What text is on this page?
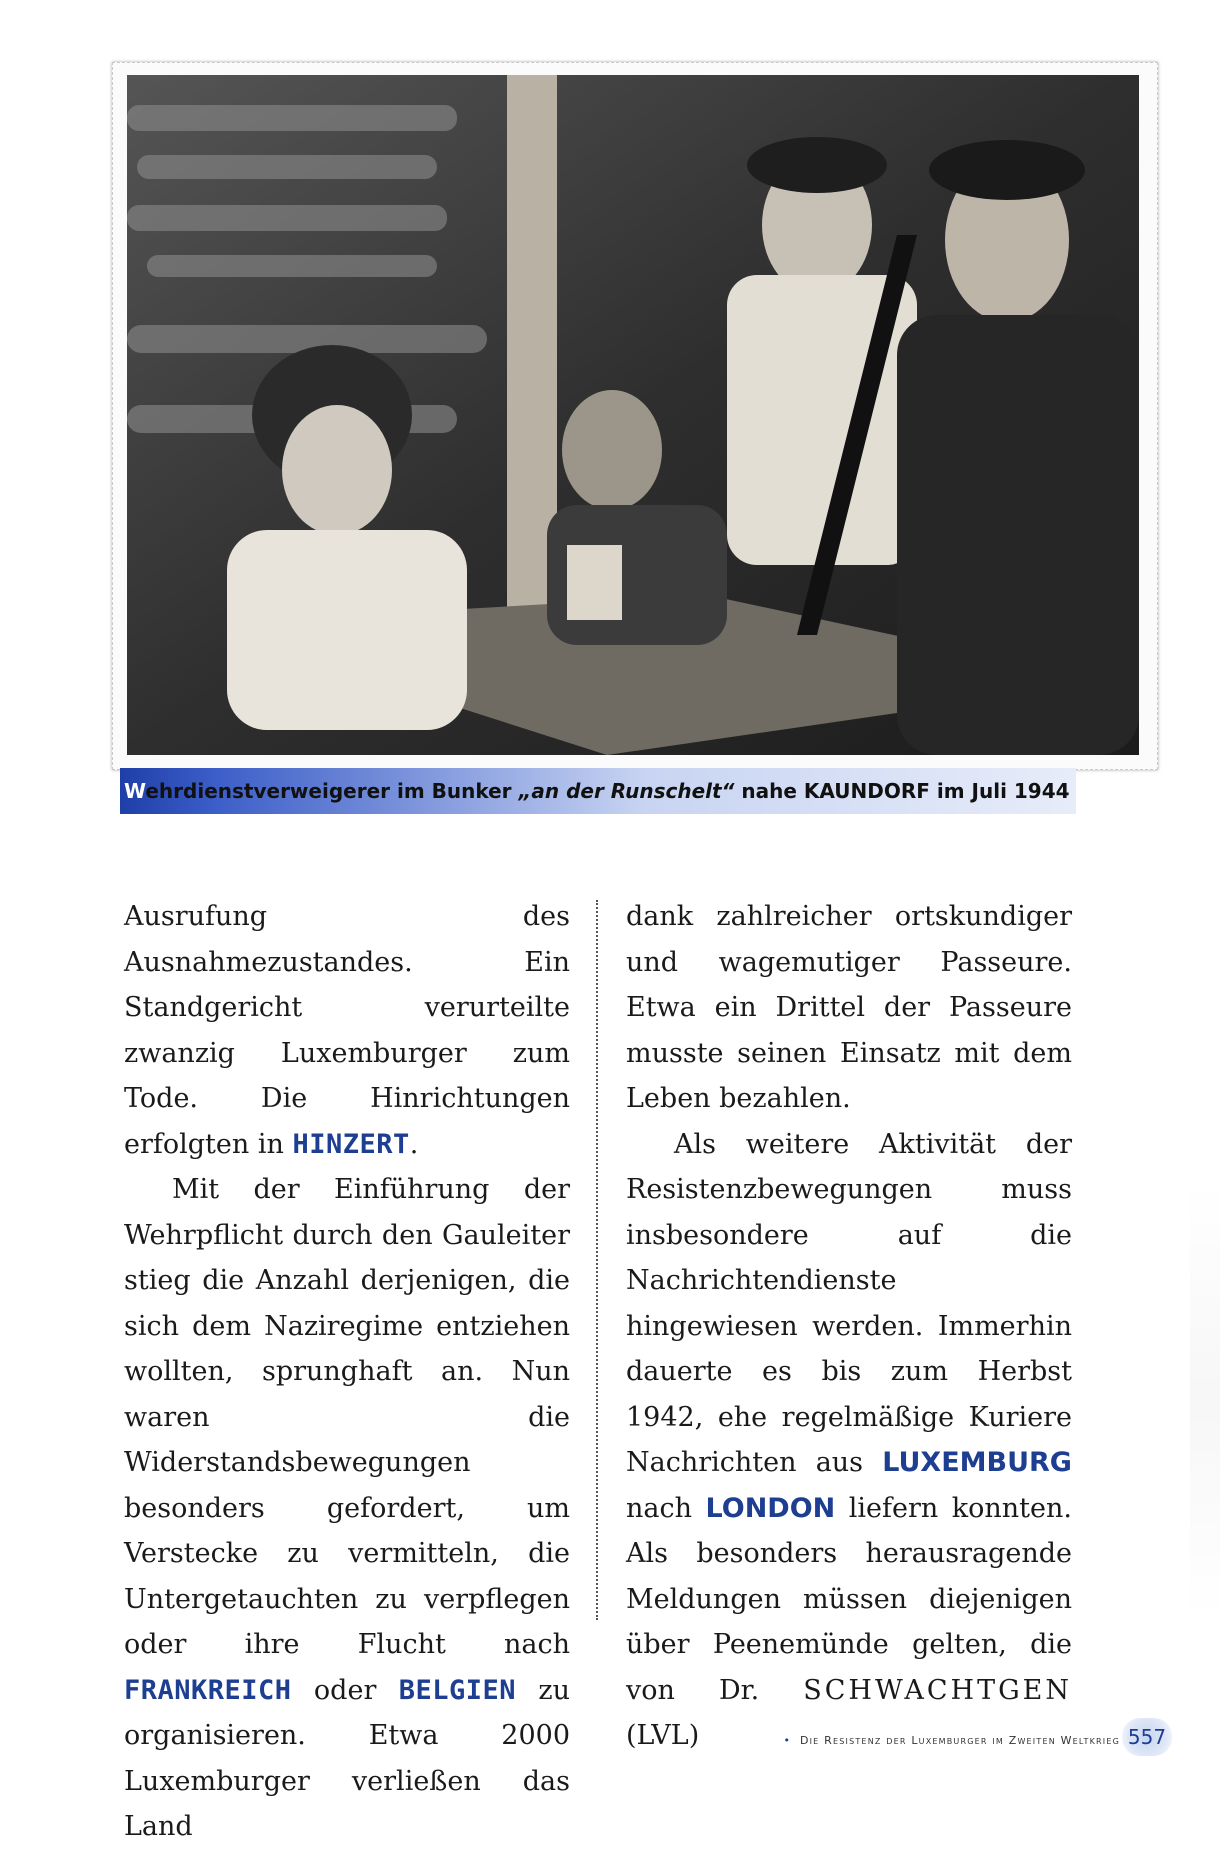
Wehrdienstverweigerer im Bunker „an der Runschelt“ nahe KAUNDORF im Juli 1944

Ausrufung des Ausnahmezustandes. Ein Standgericht verurteilte zwanzig Luxemburger zum Tode. Die Hinrichtungen erfolgten in HINZERT.

Mit der Einführung der Wehrpflicht durch den Gauleiter stieg die Anzahl derjenigen, die sich dem Naziregime entziehen wollten, sprunghaft an. Nun waren die Widerstandsbewegungen besonders gefordert, um Verstecke zu vermitteln, die Untergetauchten zu verpflegen oder ihre Flucht nach FRANKREICH oder BELGIEN zu organisieren. Etwa 2000 Luxemburger verließen das Land

dank zahlreicher ortskundiger und wagemutiger Passeure. Etwa ein Drittel der Passeure musste seinen Einsatz mit dem Leben bezahlen.

Als weitere Aktivität der Resistenzbewegungen muss insbesondere auf die Nachrichtendienste hingewiesen werden. Immerhin dauerte es bis zum Herbst 1942, ehe regelmäßige Kuriere Nachrichten aus LUXEMBURG nach LONDON liefern konnten. Als besonders herausragende Meldungen müssen diejenigen über Peenemünde gelten, die von Dr. SCHWACHTGEN (LVL)	• Die Resistenz der Luxemburger im Zweiten Weltkrieg 557
